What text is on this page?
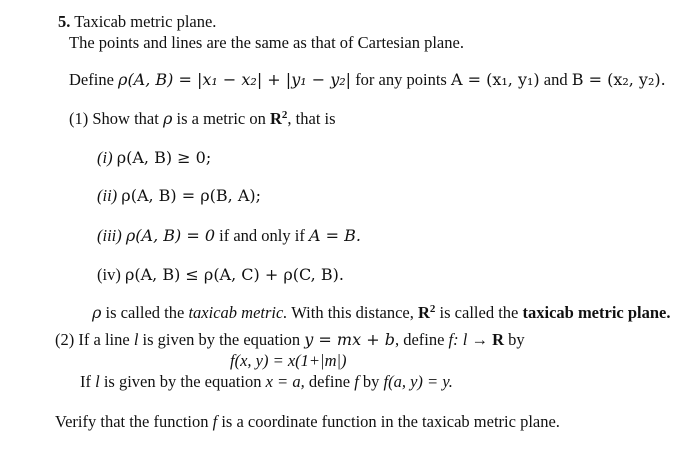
5. Taxicab metric plane.
The points and lines are the same as that of Cartesian plane.
Define ρ(A, B) = |x₁ − x₂| + |y₁ − y₂| for any points A = (x₁, y₁) and B = (x₂, y₂).
(1) Show that ρ is a metric on $R^2$, that is
(i) ρ(A, B) ≥ 0;
(ii) ρ(A, B) = ρ(B, A);
(iii) ρ(A, B) = 0 if and only if A = B.
(iv) ρ(A, B) ≤ ρ(A, C) + ρ(C, B).
ρ is called the taxicab metric. With this distance, $R^2$ is called the taxicab metric plane.
(2) If a line l is given by the equation y = mx + b, define f: l → R by
f(x, y) = x(1+|m|)
If l is given by the equation x = a, define f by f(a, y) = y.
Verify that the function f is a coordinate function in the taxicab metric plane.
